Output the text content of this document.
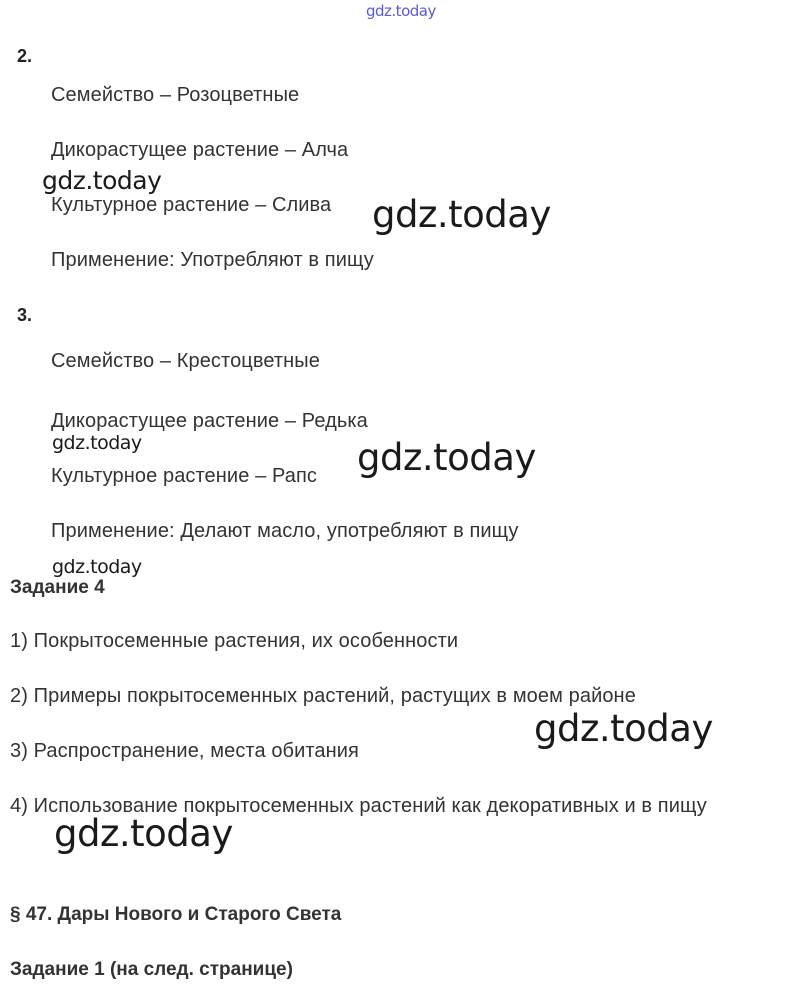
gdz.today
2.
Семейство – Розоцветные
Дикорастущее растение – Алча
gdz.today
Культурное растение – Слива gdz.today
Применение: Употребляют в пищу
3.
Семейство – Крестоцветные
Дикорастущее растение – Редька
gdz.today	gdz.today
Культурное растение – Рапс
Применение: Делают масло, употребляют в пищу
gdz.today
Задание 4
1) Покрытосеменные растения, их особенности
2) Примеры покрытосеменных растений, растущих в моем районе
gdz.today
3) Распространение, места обитания
4) Использование покрытосеменных растений как декоративных и в пищу
gdz.today
§ 47. Дары Нового и Старого Света
Задание 1 (на след. странице)
